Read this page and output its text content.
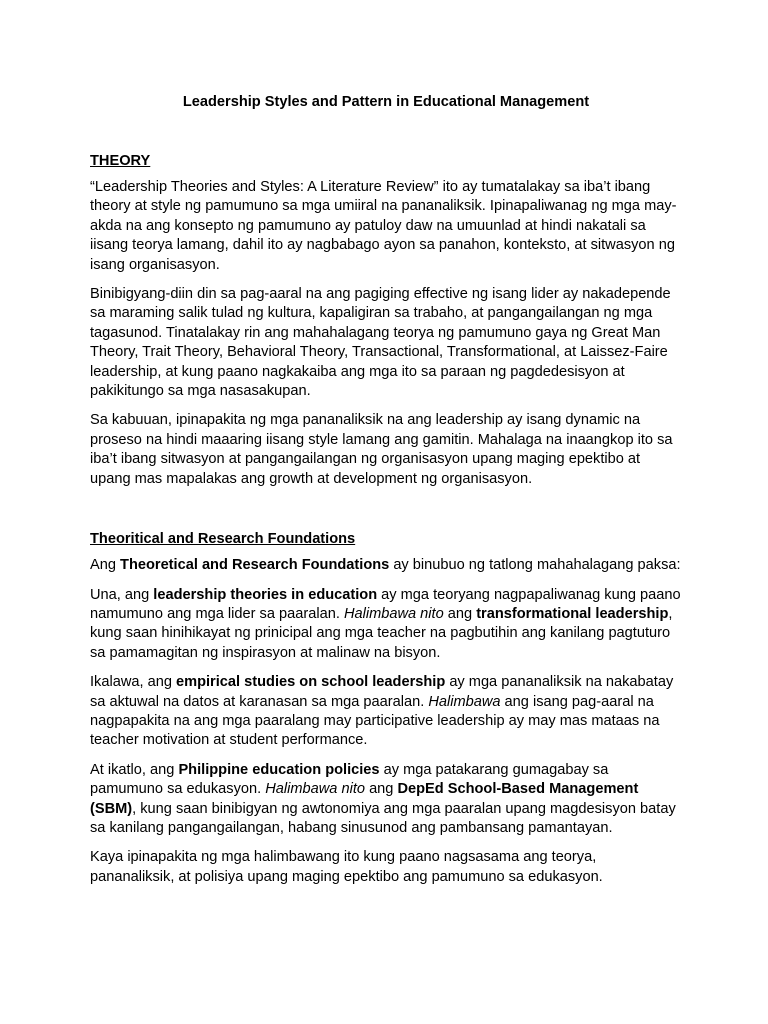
Leadership Styles and Pattern in Educational Management
THEORY

“Leadership Theories and Styles: A Literature Review” ito ay tumatalakay sa iba’t ibang theory at style ng pamumuno sa mga umiiral na pananaliksik. Ipinapaliwanag ng mga may-akda na ang konsepto ng pamumuno ay patuloy daw na umuunlad at hindi nakatali sa iisang teorya lamang, dahil ito ay nagbabago ayon sa panahon, konteksto, at sitwasyon ng isang organisasyon.

Binibigyang-diin din sa pag-aaral na ang pagiging effective ng isang lider ay nakadepende sa maraming salik tulad ng kultura, kapaligiran sa trabaho, at pangangailangan ng mga tagasunod. Tinatalakay rin ang mahahalagang teorya ng pamumuno gaya ng Great Man Theory, Trait Theory, Behavioral Theory, Transactional, Transformational, at Laissez-Faire leadership, at kung paano nagkakaiba ang mga ito sa paraan ng pagdedesisyon at pakikitungo sa mga nasasakupan.

Sa kabuuan, ipinapakita ng mga pananaliksik na ang leadership ay isang dynamic na proseso na hindi maaaring iisang style lamang ang gamitin. Mahalaga na inaangkop ito sa iba’t ibang sitwasyon at pangangailangan ng organisasyon upang maging epektibo at upang mas mapalakas ang growth at development ng organisasyon.

Theoritical and Research Foundations

Ang Theoretical and Research Foundations ay binubuo ng tatlong mahahalagang paksa:

Una, ang leadership theories in education ay mga teoryang nagpapaliwanag kung paano namumuno ang mga lider sa paaralan. Halimbawa nito ang transformational leadership, kung saan hinihikayat ng prinicipal ang mga teacher na pagbutihin ang kanilang pagtuturo sa pamamagitan ng inspirasyon at malinaw na bisyon.

Ikalawa, ang empirical studies on school leadership ay mga pananaliksik na nakabatay sa aktuwal na datos at karanasan sa mga paaralan. Halimbawa ang isang pag-aaral na nagpapakita na ang mga paaralang may participative leadership ay may mas mataas na teacher motivation at student performance.

At ikatlo, ang Philippine education policies ay mga patakarang gumagabay sa pamumuno sa edukasyon. Halimbawa nito ang DepEd School-Based Management (SBM), kung saan binibigyan ng awtonomiya ang mga paaralan upang magdesisyon batay sa kanilang pangangailangan, habang sinusunod ang pambansang pamantayan.

Kaya ipinapakita ng mga halimbawang ito kung paano nagsasama ang teorya, pananaliksik, at polisiya upang maging epektibo ang pamumuno sa edukasyon.
